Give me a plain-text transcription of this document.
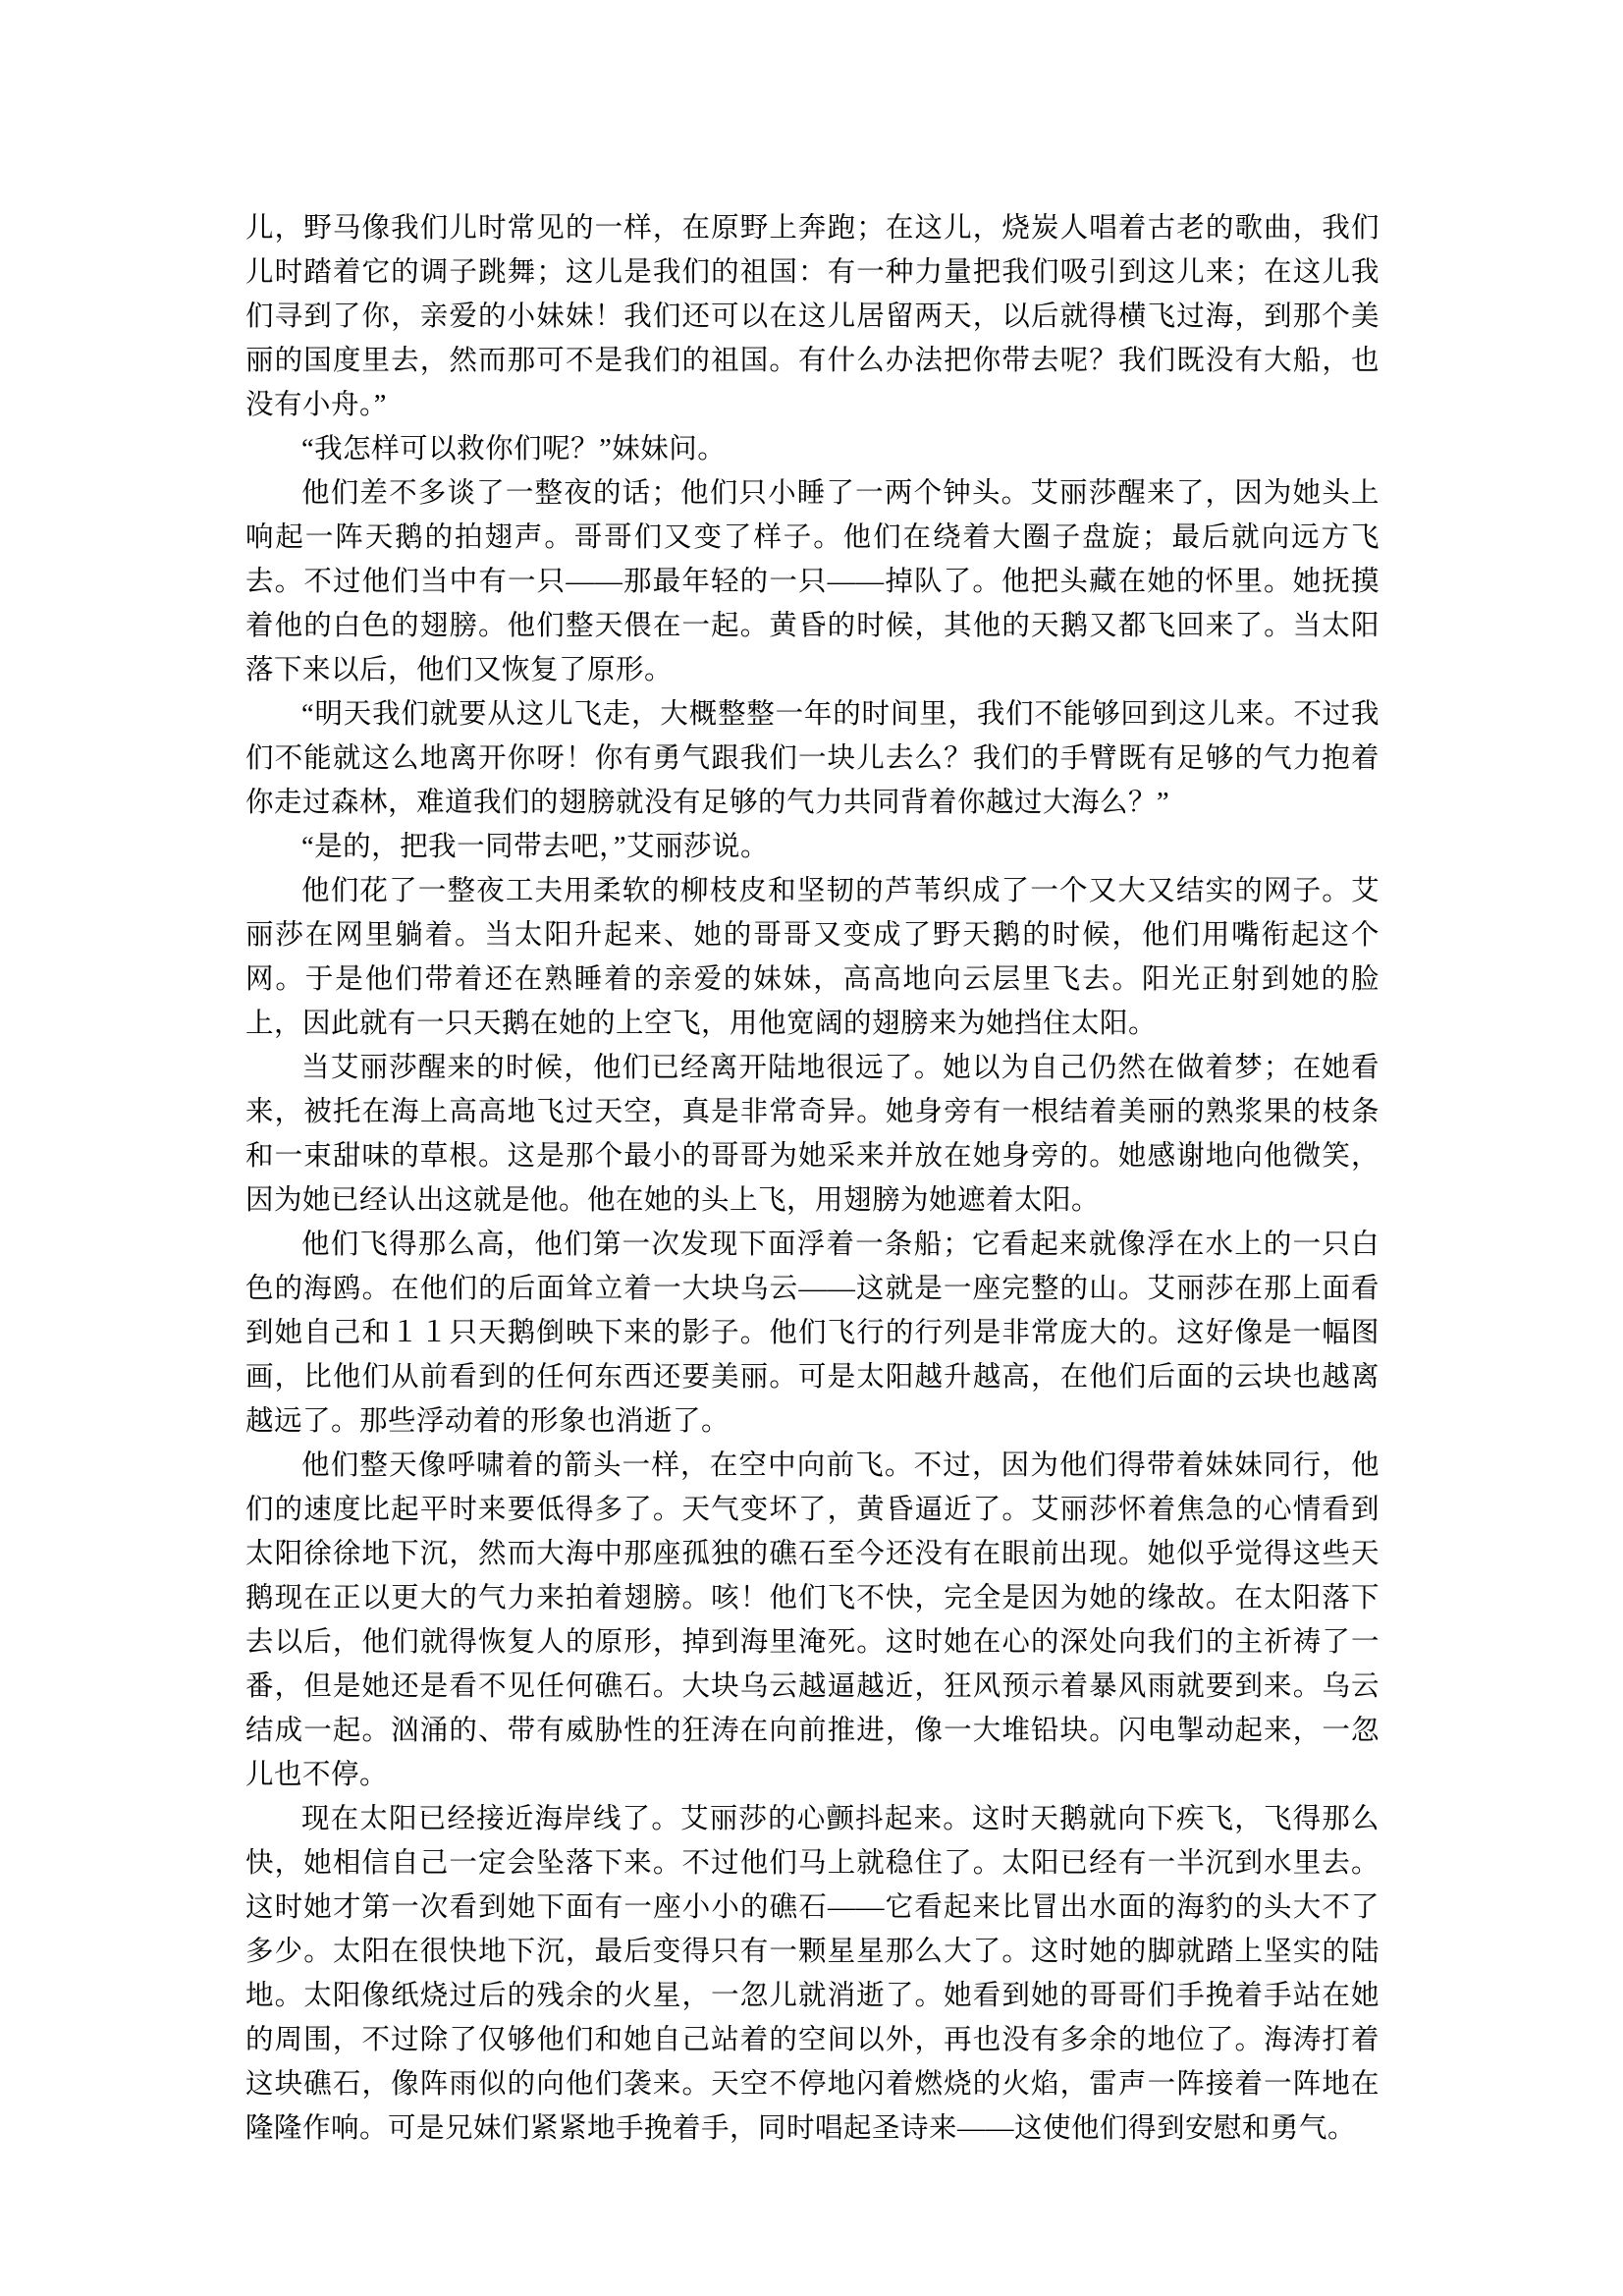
儿，野马像我们儿时常见的一样，在原野上奔跑；在这儿，烧炭人唱着古老的歌曲，我们儿时踏着它的调子跳舞；这儿是我们的祖国：有一种力量把我们吸引到这儿来；在这儿我们寻到了你，亲爱的小妹妹！我们还可以在这儿居留两天，以后就得横飞过海，到那个美丽的国度里去，然而那可不是我们的祖国。有什么办法把你带去呢？我们既没有大船，也没有小舟。”

“我怎样可以救你们呢？”妹妹问。

他们差不多谈了一整夜的话；他们只小睡了一两个钟头。艾丽莎醒来了，因为她头上响起一阵天鹅的拍翅声。哥哥们又变了样子。他们在绕着大圈子盘旋；最后就向远方飞去。不过他们当中有一只——那最年轻的一只——掉队了。他把头藏在她的怀里。她抚摸着他的白色的翅膀。他们整天偎在一起。黄昏的时候，其他的天鹅又都飞回来了。当太阳落下来以后，他们又恢复了原形。

“明天我们就要从这儿飞走，大概整整一年的时间里，我们不能够回到这儿来。不过我们不能就这么地离开你呀！你有勇气跟我们一块儿去么？我们的手臂既有足够的气力抱着你走过森林，难道我们的翅膀就没有足够的气力共同背着你越过大海么？”

“是的，把我一同带去吧，”艾丽莎说。

他们花了一整夜工夫用柔软的柳枝皮和坚韧的芦苇织成了一个又大又结实的网子。艾丽莎在网里躺着。当太阳升起来、她的哥哥又变成了野天鹅的时候，他们用嘴衔起这个网。于是他们带着还在熟睡着的亲爱的妹妹，高高地向云层里飞去。阳光正射到她的脸上，因此就有一只天鹅在她的上空飞，用他宽阔的翅膀来为她挡住太阳。

当艾丽莎醒来的时候，他们已经离开陆地很远了。她以为自己仍然在做着梦；在她看来，被托在海上高高地飞过天空，真是非常奇异。她身旁有一根结着美丽的熟浆果的枝条和一束甜味的草根。这是那个最小的哥哥为她采来并放在她身旁的。她感谢地向他微笑，因为她已经认出这就是他。他在她的头上飞，用翅膀为她遮着太阳。

他们飞得那么高，他们第一次发现下面浮着一条船；它看起来就像浮在水上的一只白色的海鸥。在他们的后面耸立着一大块乌云——这就是一座完整的山。艾丽莎在那上面看到她自己和１１只天鹅倒映下来的影子。他们飞行的行列是非常庞大的。这好像是一幅图画，比他们从前看到的任何东西还要美丽。可是太阳越升越高，在他们后面的云块也越离越远了。那些浮动着的形象也消逝了。

他们整天像呼啸着的箭头一样，在空中向前飞。不过，因为他们得带着妹妹同行，他们的速度比起平时来要低得多了。天气变坏了，黄昏逼近了。艾丽莎怀着焦急的心情看到太阳徐徐地下沉，然而大海中那座孤独的礁石至今还没有在眼前出现。她似乎觉得这些天鹅现在正以更大的气力来拍着翅膀。咳！他们飞不快，完全是因为她的缘故。在太阳落下去以后，他们就得恢复人的原形，掉到海里淹死。这时她在心的深处向我们的主祈祷了一番，但是她还是看不见任何礁石。大块乌云越逼越近，狂风预示着暴风雨就要到来。乌云结成一起。汹涌的、带有威胁性的狂涛在向前推进，像一大堆铅块。闪电掣动起来，一忽儿也不停。

现在太阳已经接近海岸线了。艾丽莎的心颤抖起来。这时天鹅就向下疾飞，飞得那么快，她相信自己一定会坠落下来。不过他们马上就稳住了。太阳已经有一半沉到水里去。这时她才第一次看到她下面有一座小小的礁石——它看起来比冒出水面的海豹的头大不了多少。太阳在很快地下沉，最后变得只有一颗星星那么大了。这时她的脚就踏上坚实的陆地。太阳像纸烧过后的残余的火星，一忽儿就消逝了。她看到她的哥哥们手挽着手站在她的周围，不过除了仅够他们和她自己站着的空间以外，再也没有多余的地位了。海涛打着这块礁石，像阵雨似的向他们袭来。天空不停地闪着燃烧的火焰，雷声一阵接着一阵地在隆隆作响。可是兄妹们紧紧地手挽着手，同时唱起圣诗来——这使他们得到安慰和勇气。
